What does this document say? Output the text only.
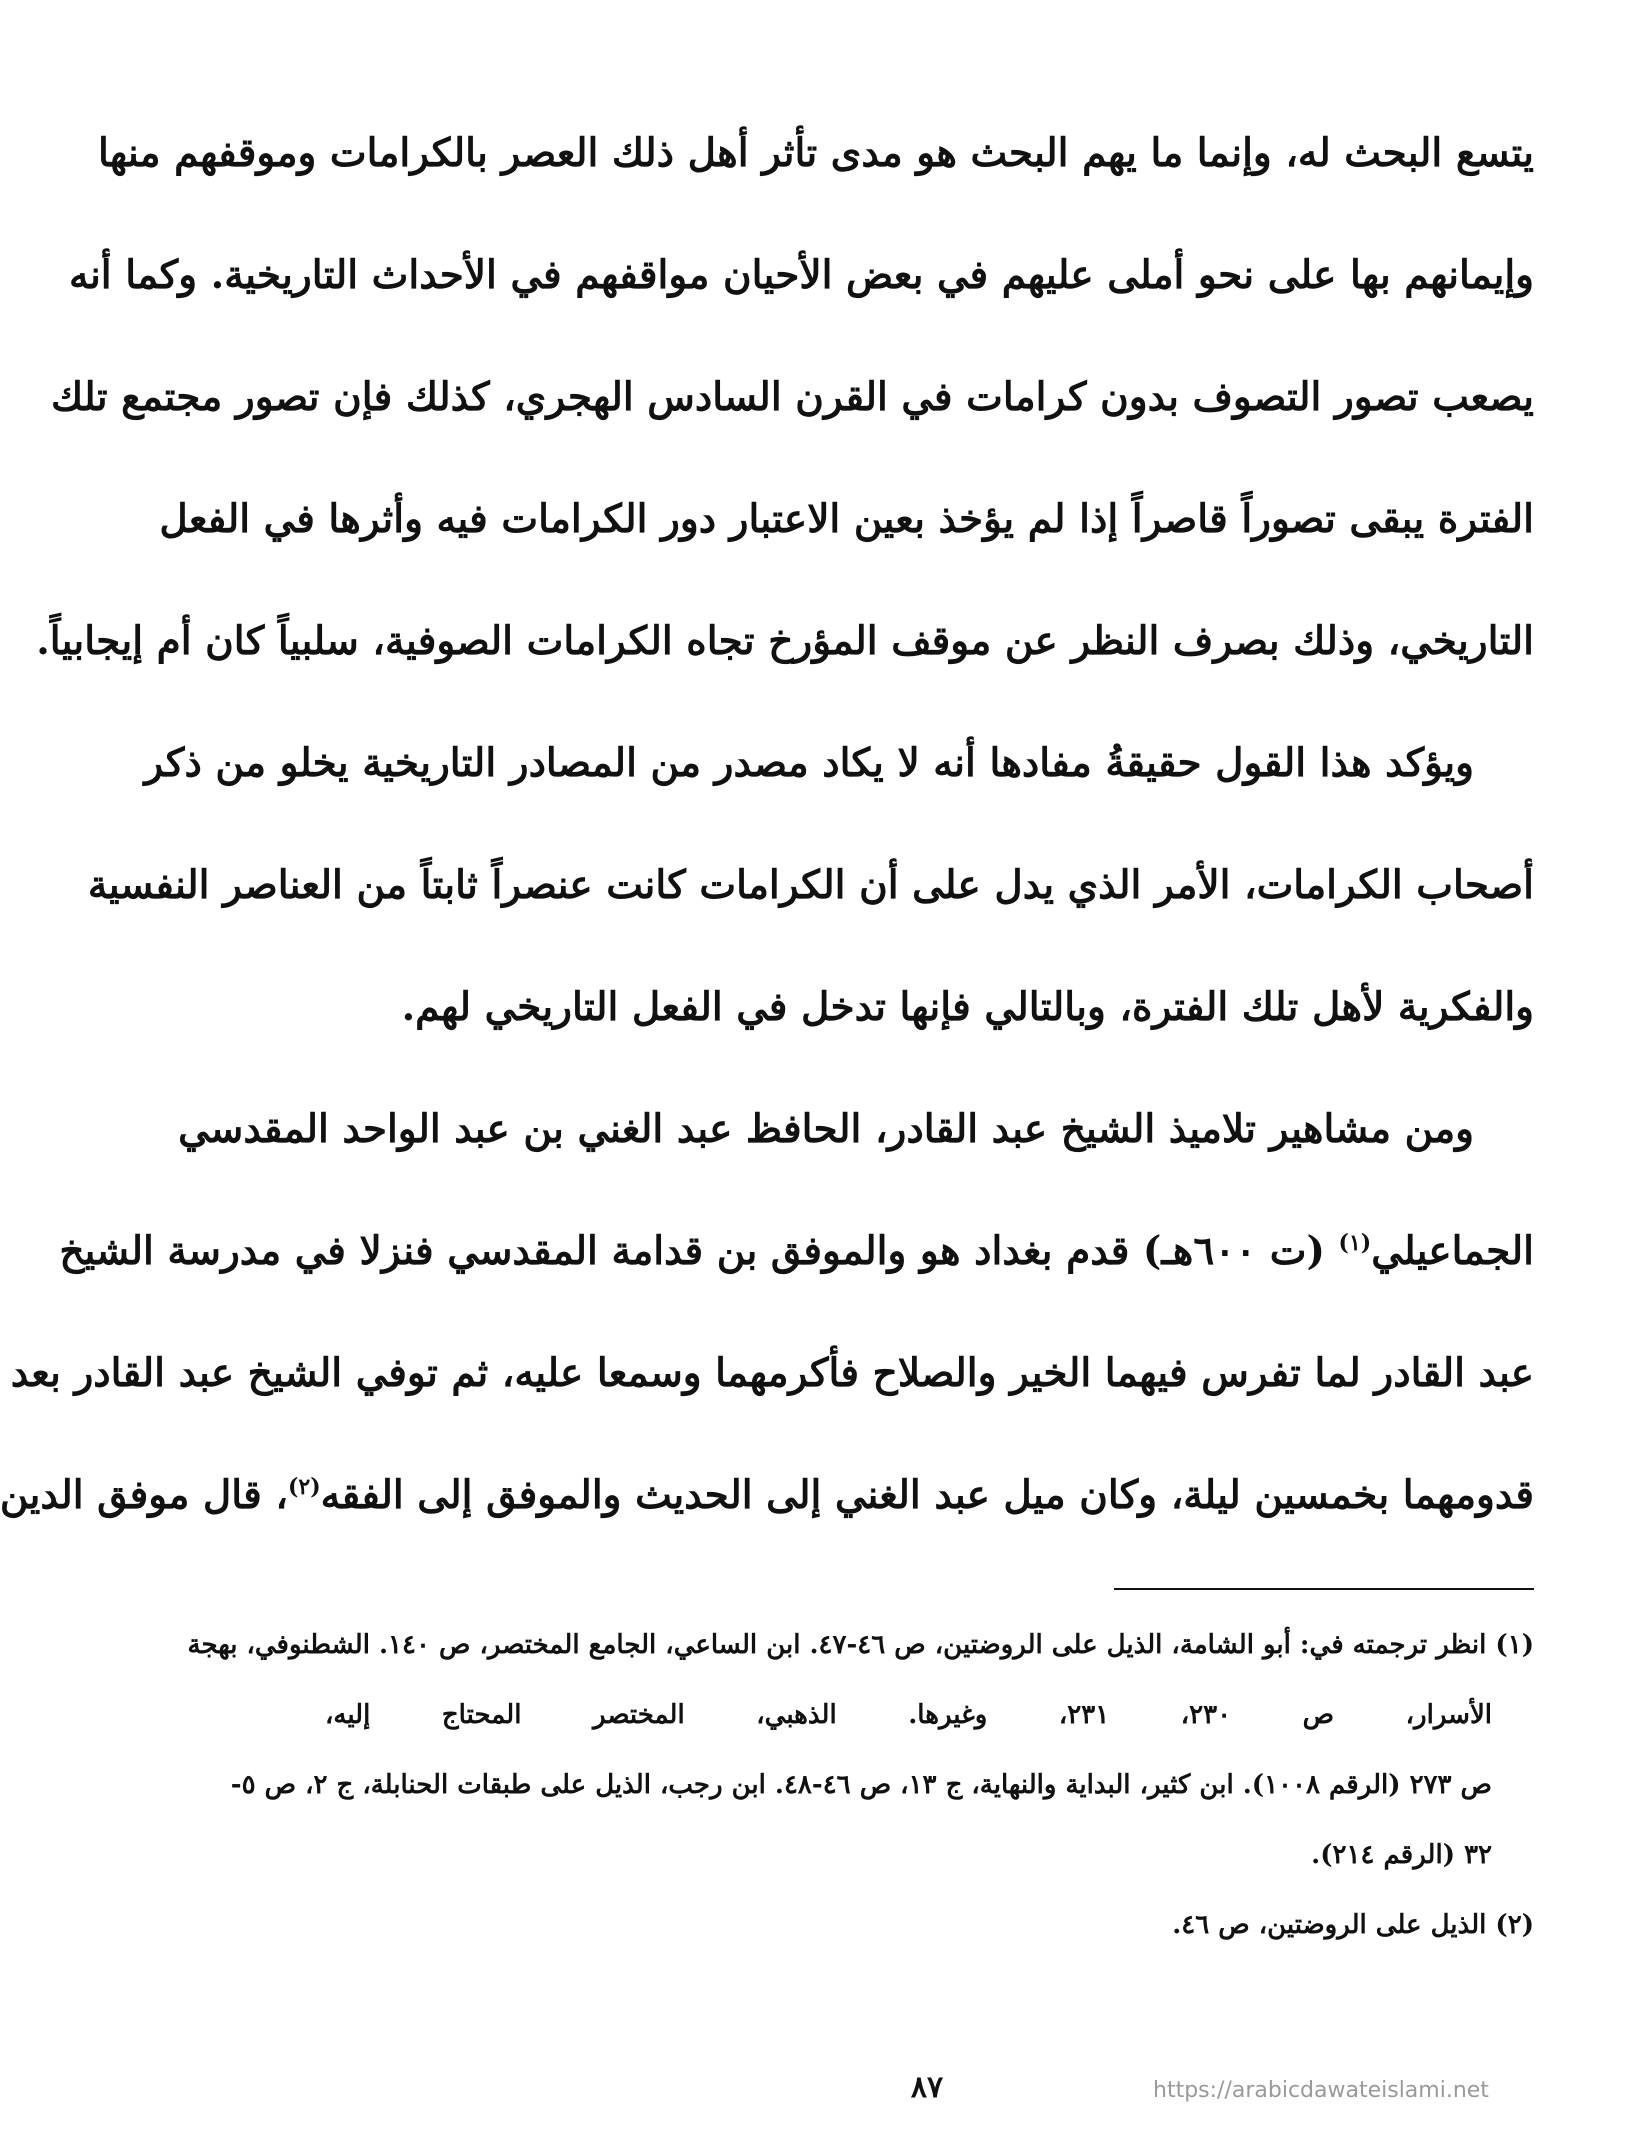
يتسع البحث له، وإنما ما يهم البحث هو مدى تأثر أهل ذلك العصر بالكرامات وموقفهم منها
وإيمانهم بها على نحو أملى عليهم في بعض الأحيان مواقفهم في الأحداث التاريخية. وكما أنه
يصعب تصور التصوف بدون كرامات في القرن السادس الهجري، كذلك فإن تصور مجتمع تلك
الفترة يبقى تصوراً قاصراً إذا لم يؤخذ بعين الاعتبار دور الكرامات فيه وأثرها في الفعل
التاريخي، وذلك بصرف النظر عن موقف المؤرخ تجاه الكرامات الصوفية، سلبياً كان أم إيجابياً.
ويؤكد هذا القول حقيقةُ مفادها أنه لا يكاد مصدر من المصادر التاريخية يخلو من ذكر
أصحاب الكرامات، الأمر الذي يدل على أن الكرامات كانت عنصراً ثابتاً من العناصر النفسية
والفكرية لأهل تلك الفترة، وبالتالي فإنها تدخل في الفعل التاريخي لهم.
ومن مشاهير تلاميذ الشيخ عبد القادر، الحافظ عبد الغني بن عبد الواحد المقدسي
الجماعيلي$^{(١)}$ (ت ٦٠٠هـ) قدم بغداد هو والموفق بن قدامة المقدسي فنزلا في مدرسة الشيخ
عبد القادر لما تفرس فيهما الخير والصلاح فأكرمهما وسمعا عليه، ثم توفي الشيخ عبد القادر بعد
قدومهما بخمسين ليلة، وكان ميل عبد الغني إلى الحديث والموفق إلى الفقه$^{(٢)}$، قال موفق الدين
(١) انظر ترجمته في: أبو الشامة، الذيل على الروضتين، ص ٤٦-٤٧. ابن الساعي، الجامع المختصر، ص ١٤٠. الشطنوفي، بهجة
الأسرار، ص ٢٣٠، ٢٣١، وغيرها. الذهبي، المختصر المحتاج إليه،
ص ٢٧٣ (الرقم ١٠٠٨). ابن كثير، البداية والنهاية، ج ١٣، ص ٤٦-٤٨. ابن رجب، الذيل على طبقات الحنابلة، ج ٢، ص ٥-
٣٢ (الرقم ٢١٤).
(٢) الذيل على الروضتين، ص ٤٦.
٨٧	https://arabicdawateislami.net
